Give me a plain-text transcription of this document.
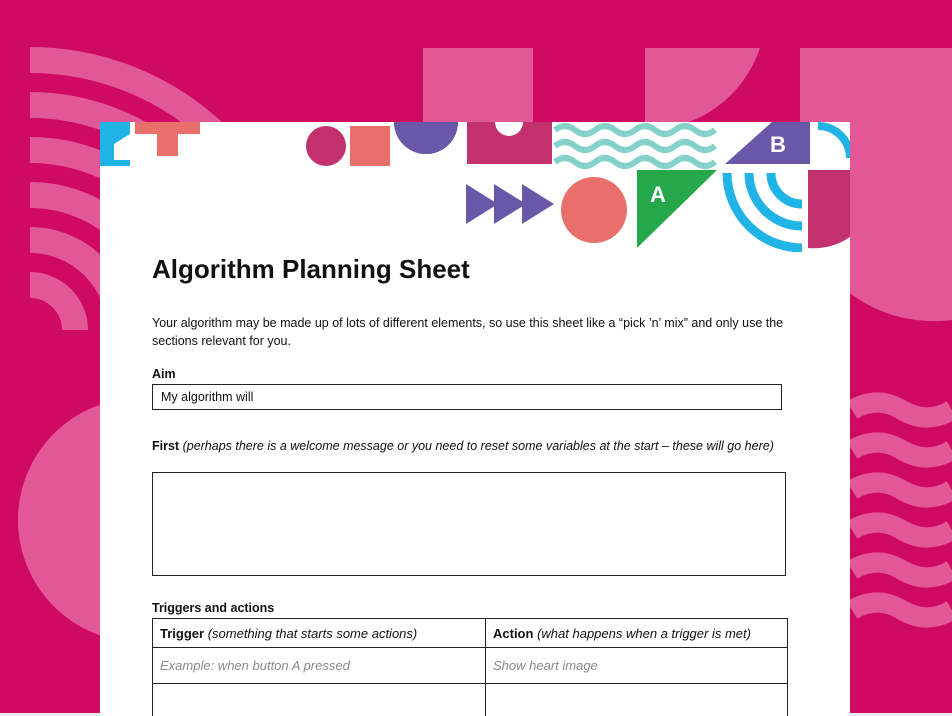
B
A
Algorithm Planning Sheet

Your algorithm may be made up of lots of different elements, so use this sheet like a “pick ’n’ mix” and only use the sections relevant for you.

Aim
My algorithm will
First (perhaps there is a welcome message or you need to reset some variables at the start – these will go here)
Triggers and actions
Trigger (something that starts some actions)	Action (what happens when a trigger is met)
Example: when button A pressed	Show heart image
